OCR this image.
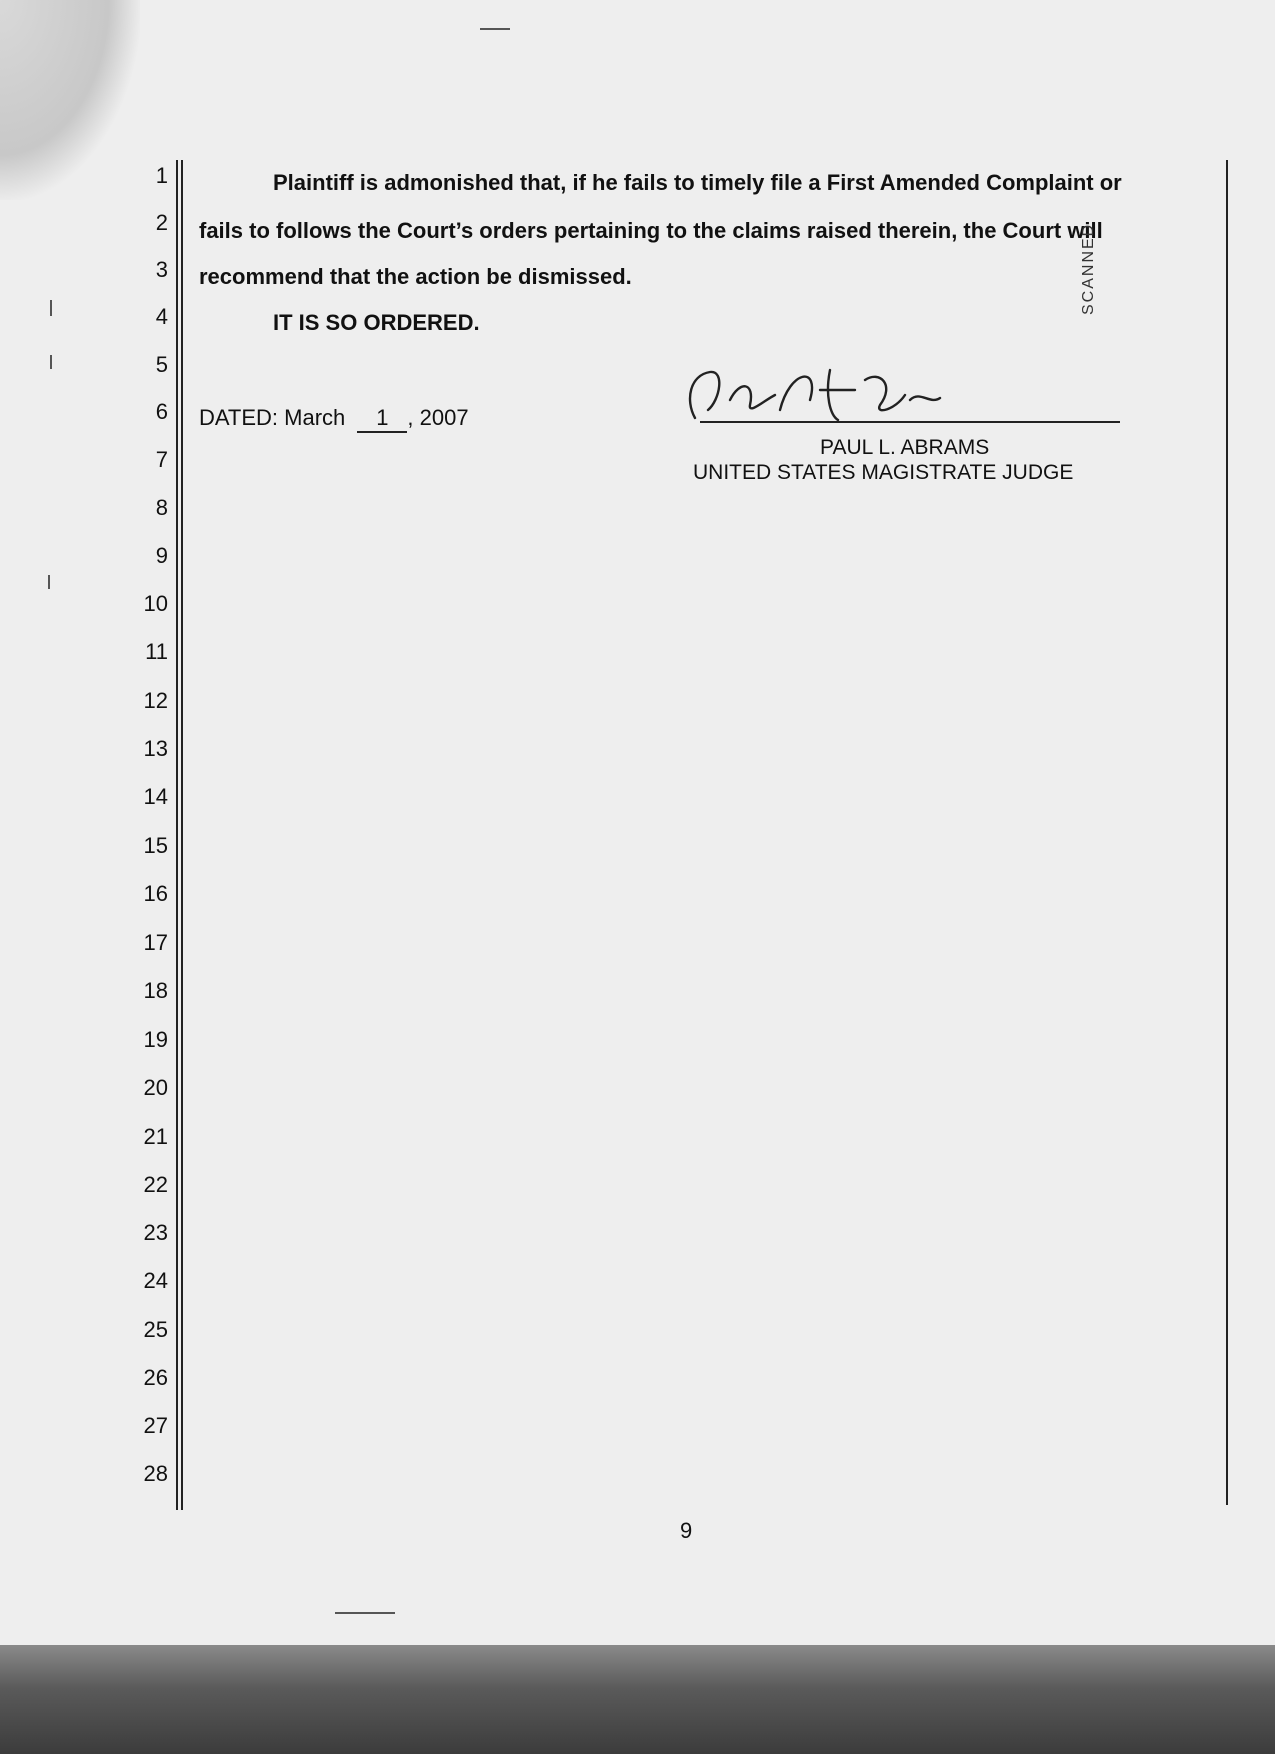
1
2
3
4
5
6
7
8
9
10
11
12
13
14
15
16
17
18
19
20
21
22
23
24
25
26
27
28
Plaintiff is admonished that, if he fails to timely file a First Amended Complaint or
fails to follows the Court’s orders pertaining to the claims raised therein, the Court will
recommend that the action be dismissed.
IT IS SO ORDERED.
DATED: March 1 , 2007
PAUL L. ABRAMS
UNITED STATES MAGISTRATE JUDGE
SCANNED
9
